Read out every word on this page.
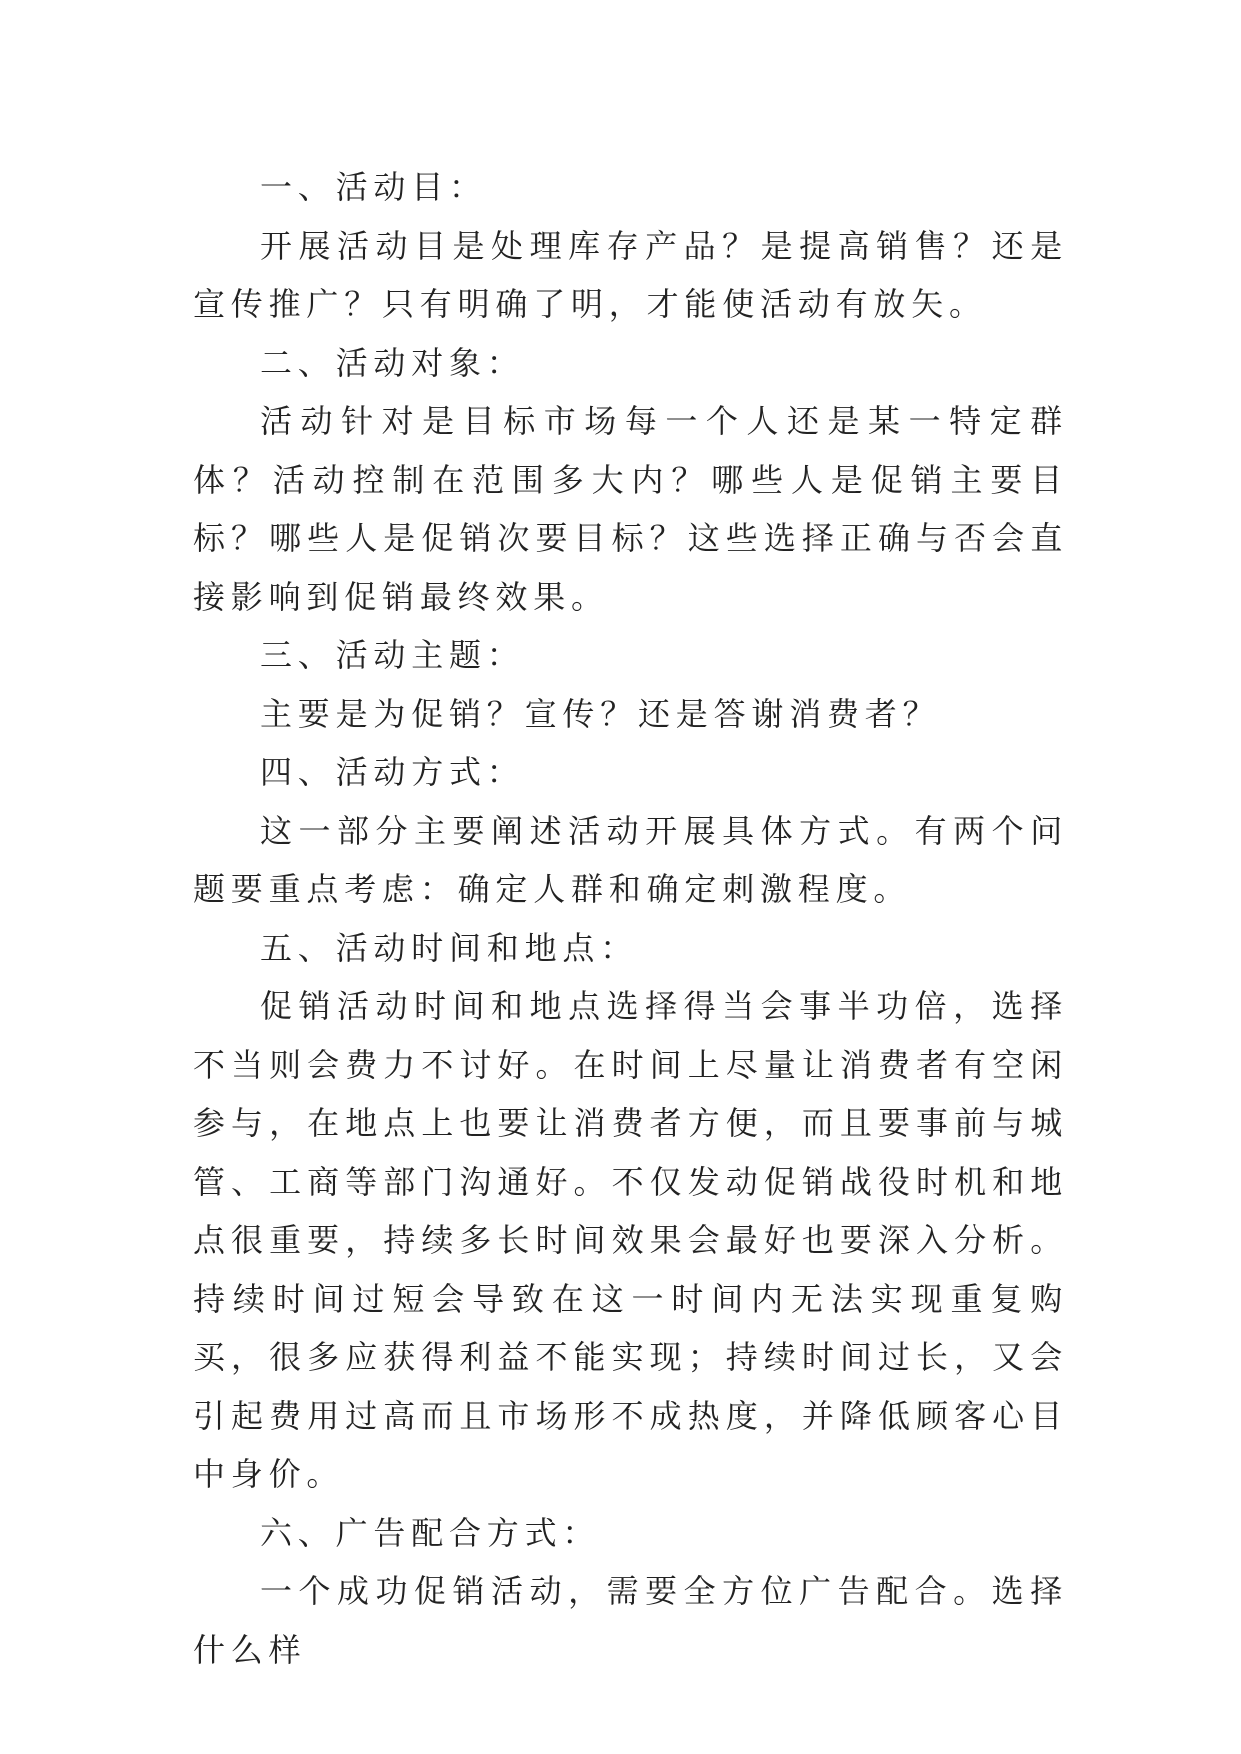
一、活动目：

开展活动目是处理库存产品？是提高销售？还是宣传推广？只有明确了明，才能使活动有放矢。

二、活动对象：

活动针对是目标市场每一个人还是某一特定群体？活动控制在范围多大内？哪些人是促销主要目标？哪些人是促销次要目标？这些选择正确与否会直接影响到促销最终效果。

三、活动主题：

主要是为促销？宣传？还是答谢消费者？

四、活动方式：

这一部分主要阐述活动开展具体方式。有两个问题要重点考虑：确定人群和确定刺激程度。

五、活动时间和地点：

促销活动时间和地点选择得当会事半功倍，选择不当则会费力不讨好。在时间上尽量让消费者有空闲参与，在地点上也要让消费者方便，而且要事前与城管、工商等部门沟通好。不仅发动促销战役时机和地点很重要，持续多长时间效果会最好也要深入分析。持续时间过短会导致在这一时间内无法实现重复购买，很多应获得利益不能实现；持续时间过长，又会引起费用过高而且市场形不成热度，并降低顾客心目中身价。

六、广告配合方式：

一个成功促销活动，需要全方位广告配合。选择什么样
